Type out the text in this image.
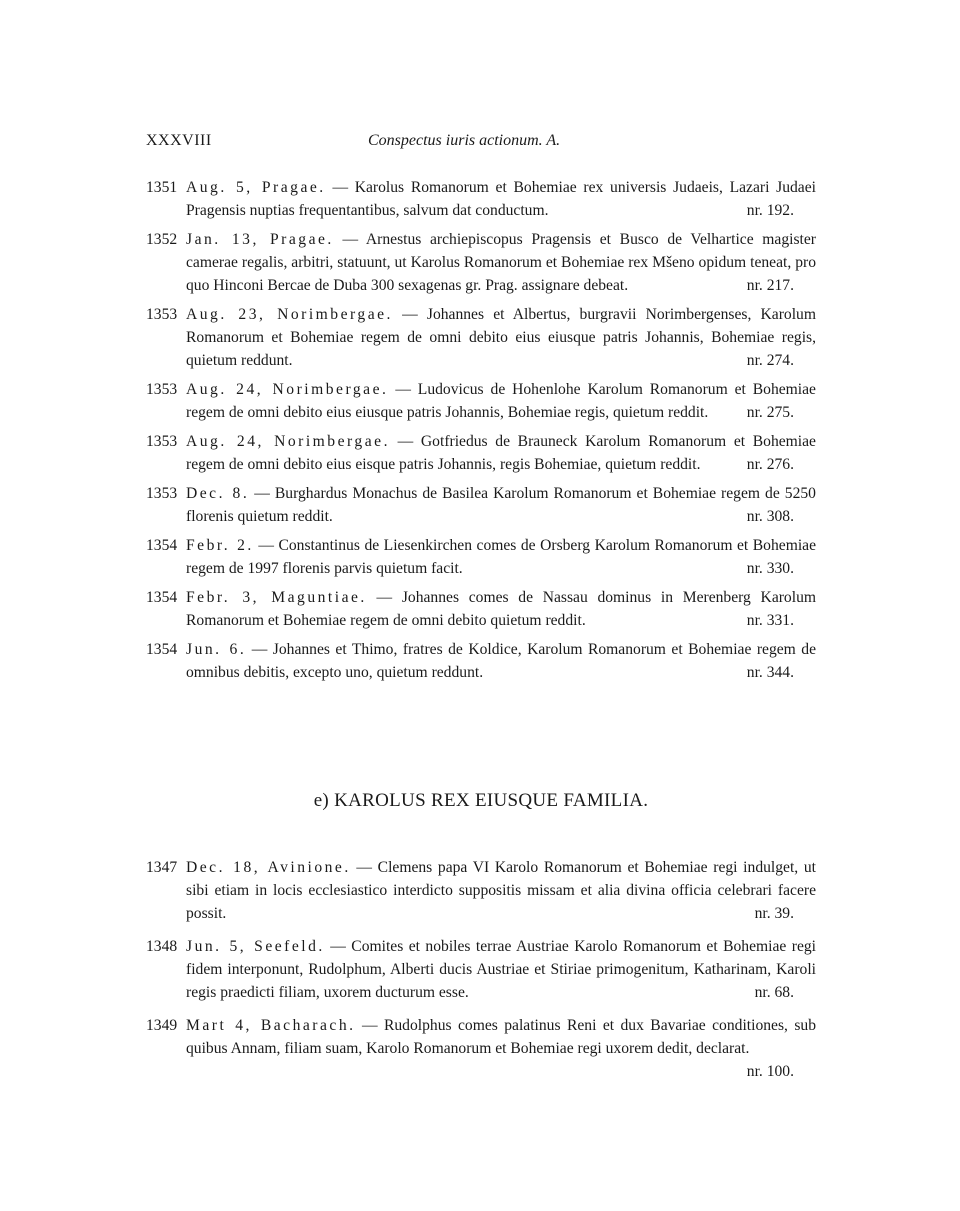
XXXVIII	Conspectus iuris actionum. A.
1351 Aug. 5, Pragae. — Karolus Romanorum et Bohemiae rex universis Judaeis, Lazari Judaei Pragensis nuptias frequentantibus, salvum dat conductum.	nr. 192.
1352 Jan. 13, Pragae. — Arnestus archiepiscopus Pragensis et Busco de Velhartice magister camerae regalis, arbitri, statuunt, ut Karolus Romanorum et Bohemiae rex Mšeno opidum teneat, pro quo Hinconi Bercae de Duba 300 sexagenas gr. Prag. assignare debeat.	nr. 217.
1353 Aug. 23, Norimbergae. — Johannes et Albertus, burgravii Norimbergenses, Karolum Romanorum et Bohemiae regem de omni debito eius eiusque patris Johannis, Bohemiae regis, quietum reddunt.	nr. 274.
1353 Aug. 24, Norimbergae. — Ludovicus de Hohenlohe Karolum Romanorum et Bohemiae regem de omni debito eius eiusque patris Johannis, Bohemiae regis, quietum reddit. nr. 275.
1353 Aug. 24, Norimbergae. — Gotfriedus de Brauneck Karolum Romanorum et Bohemiae regem de omni debito eius eisque patris Johannis, regis Bohemiae, quietum reddit.	nr. 276.
1353 Dec. 8. — Burghardus Monachus de Basilea Karolum Romanorum et Bohemiae regem de 5250 florenis quietum reddit.	nr. 308.
1354 Febr. 2. — Constantinus de Liesenkirchen comes de Orsberg Karolum Romanorum et Bohemiae regem de 1997 florenis parvis quietum facit.	nr. 330.
1354 Febr. 3, Maguntiae. — Johannes comes de Nassau dominus in Merenberg Karolum Romanorum et Bohemiae regem de omni debito quietum reddit.	nr. 331.
1354 Jun. 6. — Johannes et Thimo, fratres de Koldice, Karolum Romanorum et Bohemiae regem de omnibus debitis, excepto uno, quietum reddunt.	nr. 344.
e) KAROLUS REX EIUSQUE FAMILIA.
1347 Dec. 18, Avinione. — Clemens papa VI Karolo Romanorum et Bohemiae regi indulget, ut sibi etiam in locis ecclesiastico interdicto suppositis missam et alia divina officia celebrari facere possit.	nr. 39.
1348 Jun. 5, Seefeld. — Comites et nobiles terrae Austriae Karolo Romanorum et Bohemiae regi fidem interponunt, Rudolphum, Alberti ducis Austriae et Stiriae primogenitum, Katharinam, Karoli regis praedicti filiam, uxorem ducturum esse.	nr. 68.
1349 Mart 4, Bacharach. — Rudolphus comes palatinus Reni et dux Bavariae conditiones, sub quibus Annam, filiam suam, Karolo Romanorum et Bohemiae regi uxorem dedit, declarat.
nr. 100.
